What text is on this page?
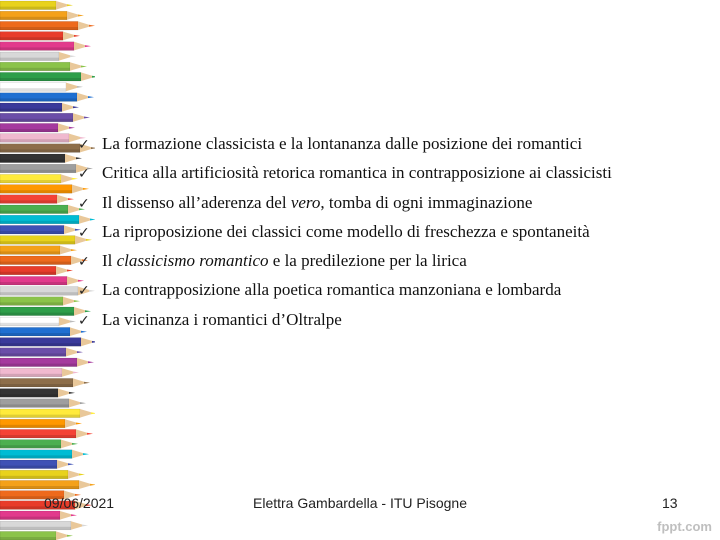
✓ La formazione classicista e la lontananza dalle posizione dei romantici
✓ Critica alla artificiosità retorica romantica in contrapposizione ai classicisti
✓ Il dissenso all’aderenza del vero, tomba di ogni immaginazione
✓ La riproposizione dei classici come modello di freschezza e spontaneità
✓ Il classicismo romantico e la predilezione per la lirica
✓ La contrapposizione alla poetica romantica manzoniana e lombarda
✓ La vicinanza i romantici d’Oltralpe
09/06/2021	Elettra Gambardella - ITU Pisogne	13
fppt.com
